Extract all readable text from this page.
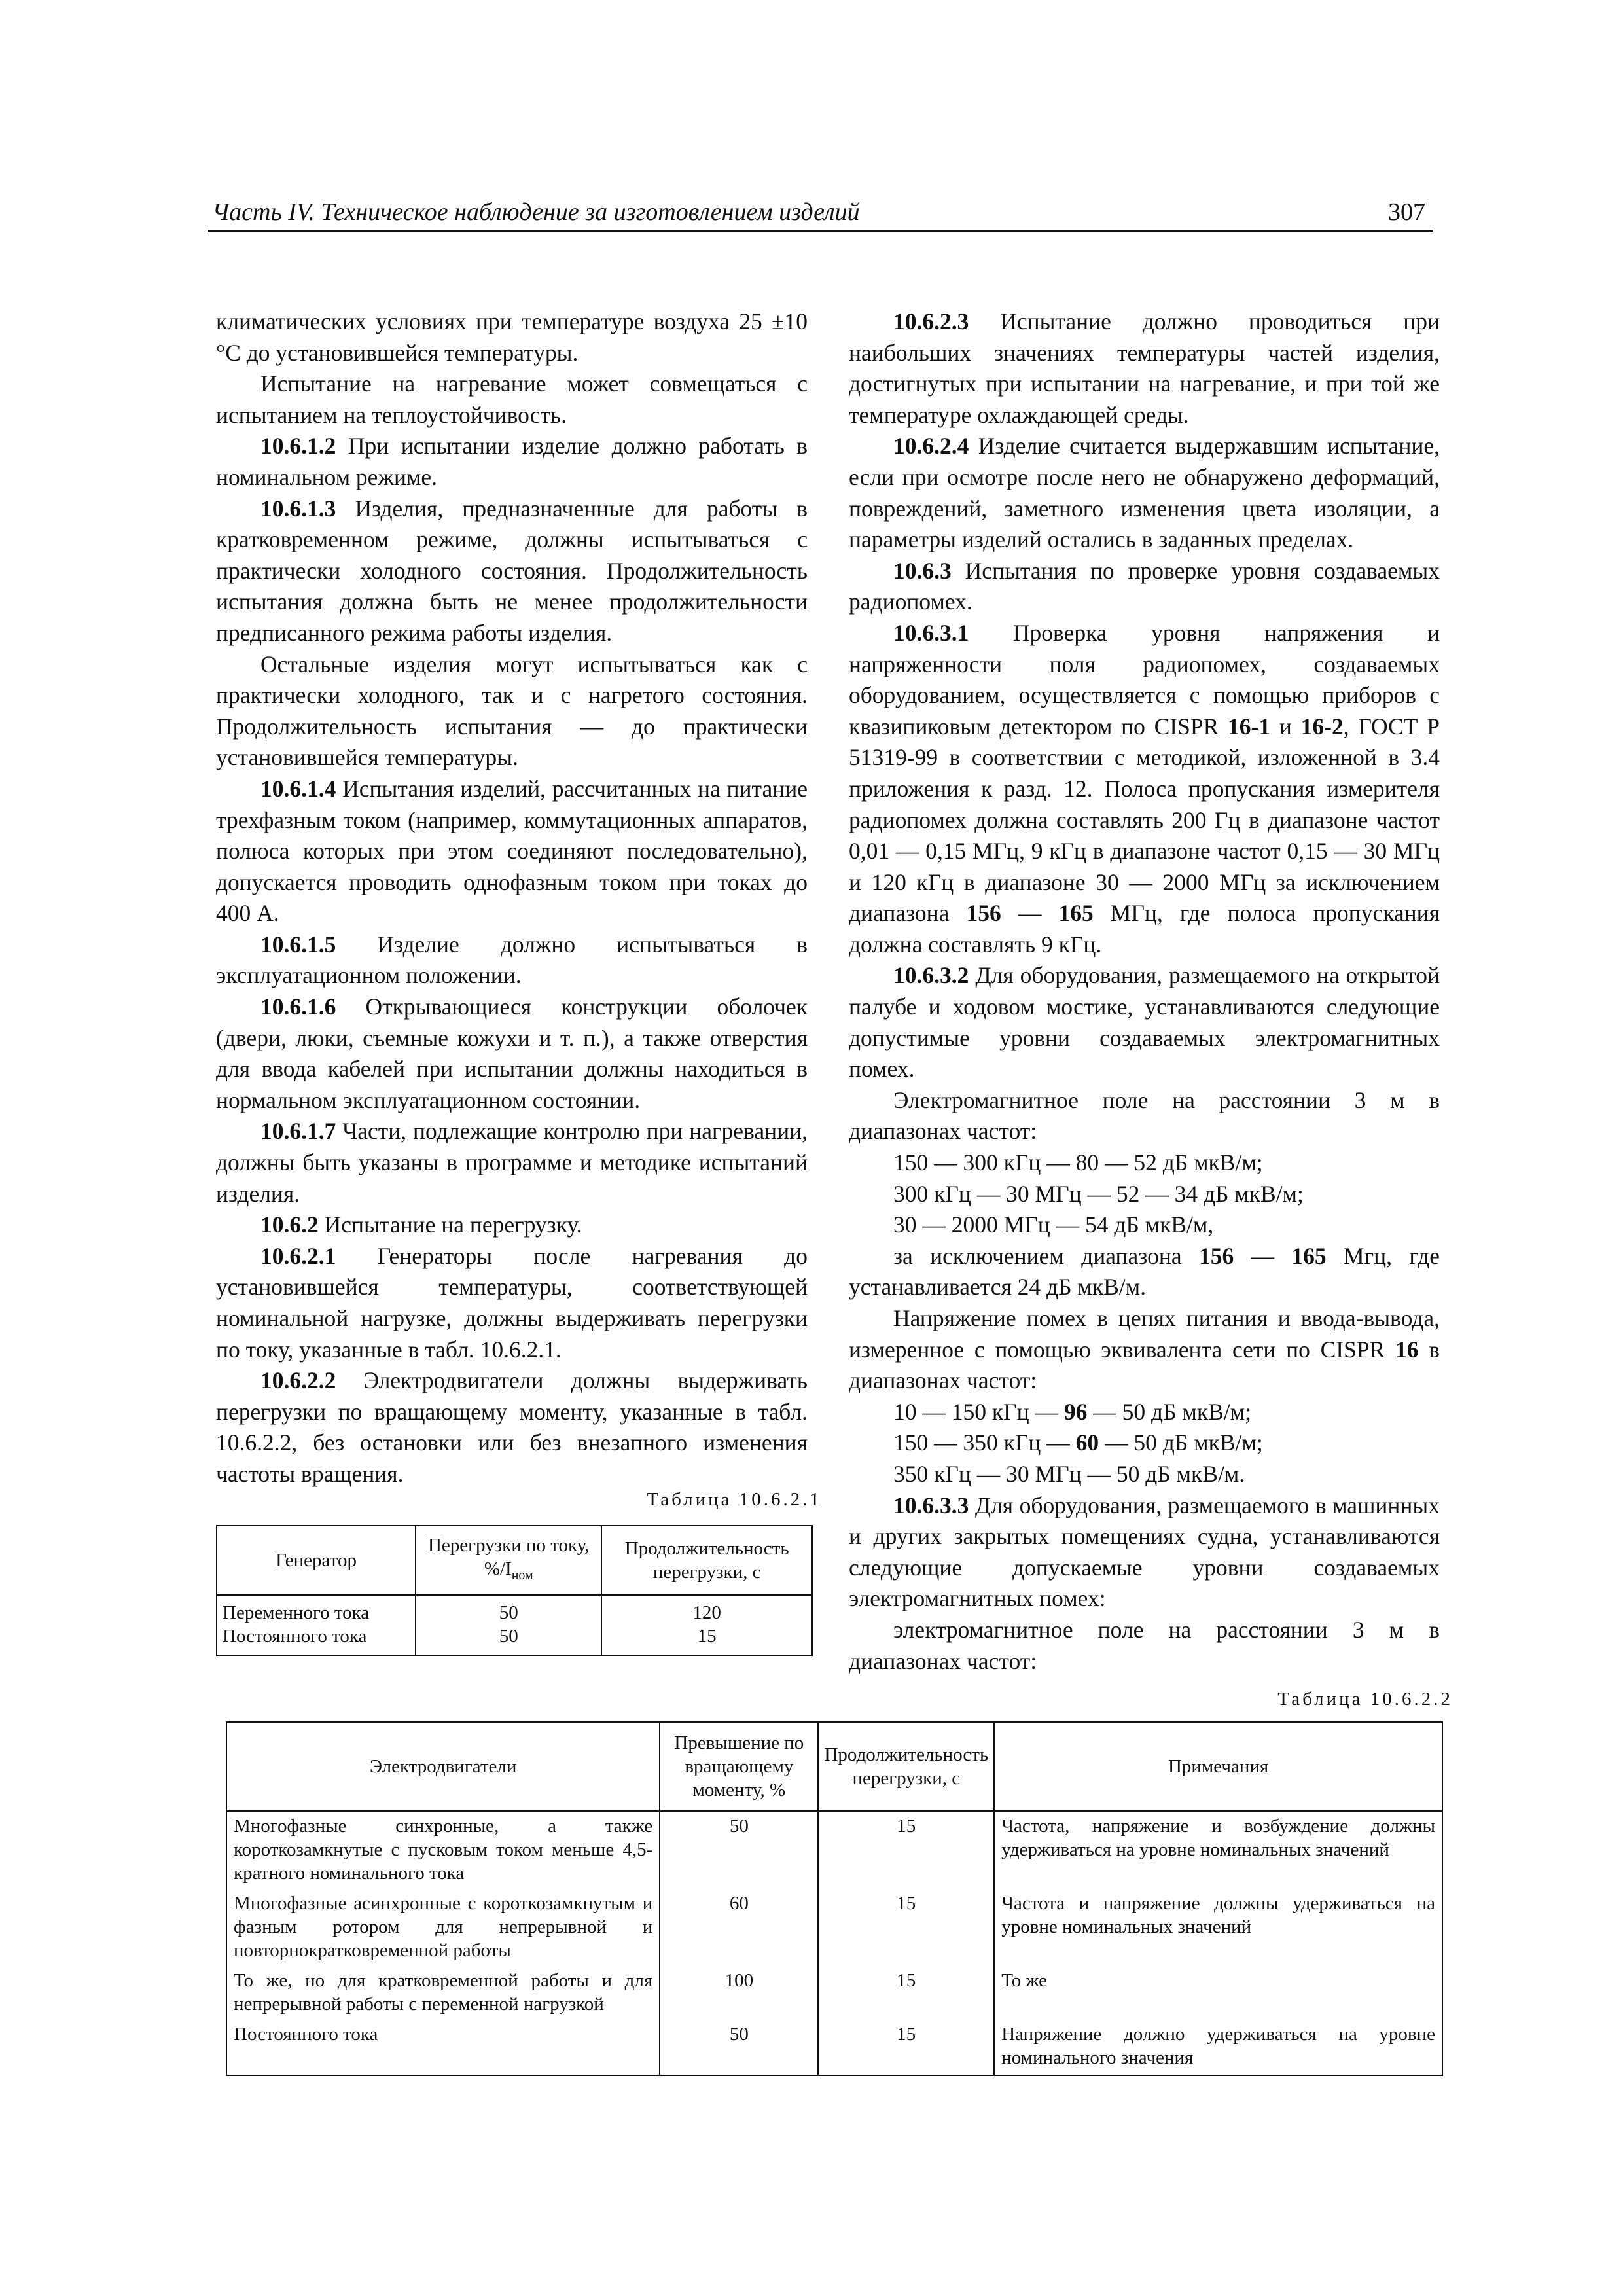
Часть IV. Техническое наблюдение за изготовлением изделий	307

климатических условиях при температуре воздуха 25 ±10 °С до установившейся температуры.

Испытание на нагревание может совмещаться с испытанием на теплоустойчивость.

10.6.1.2 При испытании изделие должно работать в номинальном режиме.

10.6.1.3 Изделия, предназначенные для работы в кратковременном режиме, должны испытываться с практически холодного состояния. Продолжительность испытания должна быть не менее продолжительности предписанного режима работы изделия.

Остальные изделия могут испытываться как с практически холодного, так и с нагретого состояния. Продолжительность испытания — до практически установившейся температуры.

10.6.1.4 Испытания изделий, рассчитанных на питание трехфазным током (например, коммутационных аппаратов, полюса которых при этом соединяют последовательно), допускается проводить однофазным током при токах до 400 А.

10.6.1.5 Изделие должно испытываться в эксплуатационном положении.

10.6.1.6 Открывающиеся конструкции оболочек (двери, люки, съемные кожухи и т. п.), а также отверстия для ввода кабелей при испытании должны находиться в нормальном эксплуатационном состоянии.

10.6.1.7 Части, подлежащие контролю при нагревании, должны быть указаны в программе и методике испытаний изделия.

10.6.2 Испытание на перегрузку.

10.6.2.1 Генераторы после нагревания до установившейся температуры, соответствующей номинальной нагрузке, должны выдерживать перегрузки по току, указанные в табл. 10.6.2.1.

10.6.2.2 Электродвигатели должны выдерживать перегрузки по вращающему моменту, указанные в табл. 10.6.2.2, без остановки или без внезапного изменения частоты вращения.

10.6.2.3 Испытание должно проводиться при наибольших значениях температуры частей изделия, достигнутых при испытании на нагревание, и при той же температуре охлаждающей среды.

10.6.2.4 Изделие считается выдержавшим испытание, если при осмотре после него не обнаружено деформаций, повреждений, заметного изменения цвета изоляции, а параметры изделий остались в заданных пределах.

10.6.3 Испытания по проверке уровня создаваемых радиопомех.

10.6.3.1 Проверка уровня напряжения и напряженности поля радиопомех, создаваемых оборудованием, осуществляется с помощью приборов с квазипиковым детектором по CISPR 16-1 и 16-2, ГОСТ Р 51319-99 в соответствии с методикой, изложенной в 3.4 приложения к разд. 12. Полоса пропускания измерителя радиопомех должна составлять 200 Гц в диапазоне частот 0,01 — 0,15 МГц, 9 кГц в диапазоне частот 0,15 — 30 МГц и 120 кГц в диапазоне 30 — 2000 МГц за исключением диапазона 156 — 165 МГц, где полоса пропускания должна составлять 9 кГц.

10.6.3.2 Для оборудования, размещаемого на открытой палубе и ходовом мостике, устанавливаются следующие допустимые уровни создаваемых электромагнитных помех.

Электромагнитное поле на расстоянии 3 м в диапазонах частот:

150 — 300 кГц — 80 — 52 дБ мкВ/м;

300 кГц — 30 МГц — 52 — 34 дБ мкВ/м;

30 — 2000 МГц — 54 дБ мкВ/м,

за исключением диапазона 156 — 165 Мгц, где устанавливается 24 дБ мкВ/м.

Напряжение помех в цепях питания и ввода-вывода, измеренное с помощью эквивалента сети по CISPR 16 в диапазонах частот:

10 — 150 кГц — 96 — 50 дБ мкВ/м;

150 — 350 кГц — 60 — 50 дБ мкВ/м;

350 кГц — 30 МГц — 50 дБ мкВ/м.

10.6.3.3 Для оборудования, размещаемого в машинных и других закрытых помещениях судна, устанавливаются следующие допускаемые уровни создаваемых электромагнитных помех:

электромагнитное поле на расстоянии 3 м в диапазонах частот:

Таблица 10.6.2.1

Генератор	Перегрузки по току, $\%/I_{ном}$	Продолжительность перегрузки, с
Переменного тока	50	120
Постоянного тока	50	15

Таблица 10.6.2.2

Электродвигатели	Превышение по вращающему моменту, %	Продолжительность перегрузки, с	Примечания
Многофазные синхронные, а также короткозамкнутые с пусковым током меньше 4,5-кратного номинального тока	50	15	Частота, напряжение и возбуждение должны удерживаться на уровне номинальных значений
Многофазные асинхронные с короткозамкнутым и фазным ротором для непрерывной и повторнократковременной работы	60	15	Частота и напряжение должны удерживаться на уровне номинальных значений
То же, но для кратковременной работы и для непрерывной работы с переменной нагрузкой	100	15	То же
Постоянного тока	50	15	Напряжение должно удерживаться на уровне номинального значения
